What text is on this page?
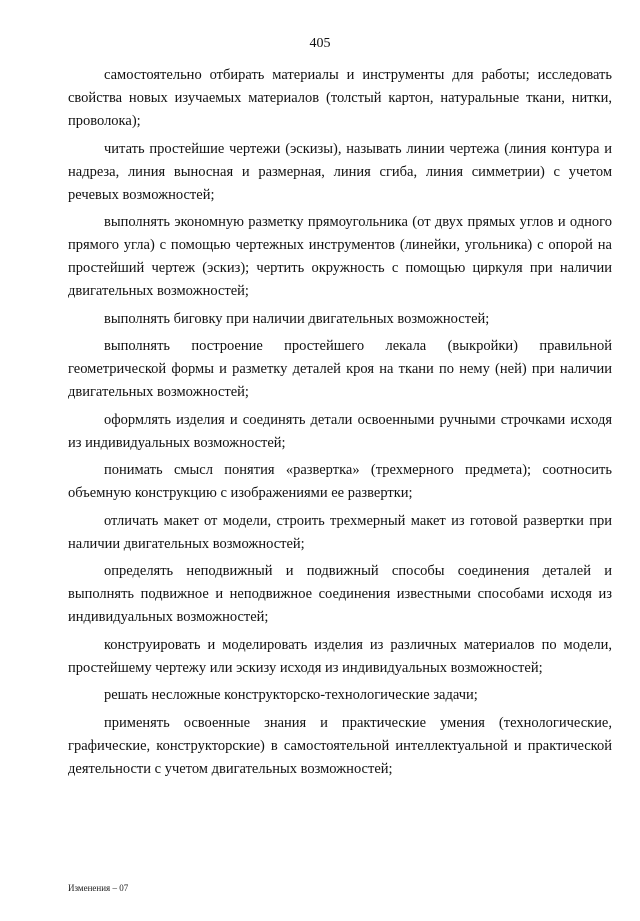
405

самостоятельно отбирать материалы и инструменты для работы; исследовать свойства новых изучаемых материалов (толстый картон, натуральные ткани, нитки, проволока);

читать простейшие чертежи (эскизы), называть линии чертежа (линия контура и надреза, линия выносная и размерная, линия сгиба, линия симметрии) с учетом речевых возможностей;

выполнять экономную разметку прямоугольника (от двух прямых углов и одного прямого угла) с помощью чертежных инструментов (линейки, угольника) с опорой на простейший чертеж (эскиз); чертить окружность с помощью циркуля при наличии двигательных возможностей;

выполнять биговку при наличии двигательных возможностей;

выполнять построение простейшего лекала (выкройки) правильной геометрической формы и разметку деталей кроя на ткани по нему (ней) при наличии двигательных возможностей;

оформлять изделия и соединять детали освоенными ручными строчками исходя из индивидуальных возможностей;

понимать смысл понятия «развертка» (трехмерного предмета); соотносить объемную конструкцию с изображениями ее развертки;

отличать макет от модели, строить трехмерный макет из готовой развертки при наличии двигательных возможностей;

определять неподвижный и подвижный способы соединения деталей и выполнять подвижное и неподвижное соединения известными способами исходя из индивидуальных возможностей;

конструировать и моделировать изделия из различных материалов по модели, простейшему чертежу или эскизу исходя из индивидуальных возможностей;

решать несложные конструкторско-технологические задачи;

применять освоенные знания и практические умения (технологические, графические, конструкторские) в самостоятельной интеллектуальной и практической деятельности с учетом двигательных возможностей;

Изменения – 07
